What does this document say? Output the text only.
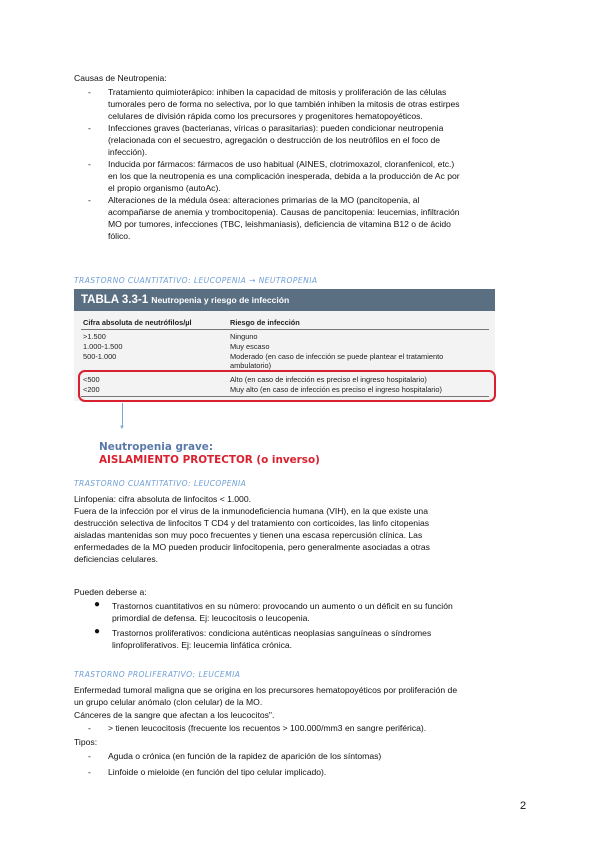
Causas de Neutropenia:
- Tratamiento quimioterápico: inhiben la capacidad de mitosis y proliferación de las células
tumorales pero de forma no selectiva, por lo que también inhiben la mitosis de otras estirpes
celulares de división rápida como los precursores y progenitores hematopoyéticos.
- Infecciones graves (bacterianas, víricas o parasitarias): pueden condicionar neutropenia
(relacionada con el secuestro, agregación o destrucción de los neutrófilos en el foco de
infección).
- Inducida por fármacos: fármacos de uso habitual (AINES, clotrimoxazol, cloranfenicol, etc.)
en los que la neutropenia es una complicación inesperada, debida a la producción de Ac por
el propio organismo (autoAc).
- Alteraciones de la médula ósea: alteraciones primarias de la MO (pancitopenia, al
acompañarse de anemia y trombocitopenia). Causas de pancitopenia: leucemias, infiltración
MO por tumores, infecciones (TBC, leishmaniasis), deficiencia de vitamina B12 o de ácido
fólico.
TRASTORNO CUANTITATIVO: LEUCOPENIA → NEUTROPENIA
TABLA 3.3-1 Neutropenia y riesgo de infección
Cifra absoluta de neutrófilos/µl	Riesgo de infección
>1.500	Ninguno
1.000-1.500	Muy escaso
500-1.000	Moderado (en caso de infección se puede plantear el tratamiento
ambulatorio)
<500	Alto (en caso de infección es preciso el ingreso hospitalario)
<200	Muy alto (en caso de infección es preciso el ingreso hospitalario)
▼
Neutropenia grave:
AISLAMIENTO PROTECTOR (o inverso)
TRASTORNO CUANTITATIVO: LEUCOPENIA
Linfopenia: cifra absoluta de linfocitos < 1.000.
Fuera de la infección por el virus de la inmunodeficiencia humana (VIH), en la que existe una
destrucción selectiva de linfocitos T CD4 y del tratamiento con corticoides, las linfo citopenias
aisladas mantenidas son muy poco frecuentes y tienen una escasa repercusión clínica. Las
enfermedades de la MO pueden producir linfocitopenia, pero generalmente asociadas a otras
deficiencias celulares.
Pueden deberse a:
● Trastornos cuantitativos en su número: provocando un aumento o un déficit en su función
primordial de defensa. Ej: leucocitosis o leucopenia.
● Trastornos proliferativos: condiciona auténticas neoplasias sanguíneas o síndromes
linfoproliferativos. Ej: leucemia linfática crónica.
TRASTORNO PROLIFERATIVO: LEUCEMIA
Enfermedad tumoral maligna que se origina en los precursores hematopoyéticos por proliferación de
un grupo celular anómalo (clon celular) de la MO.
Cánceres de la sangre que afectan a los leucocitos".
- > tienen leucocitosis (frecuente los recuentos > 100.000/mm3 en sangre periférica).
Tipos:
- Aguda o crónica (en función de la rapidez de aparición de los síntomas)
- Linfoide o mieloide (en función del tipo celular implicado).
2
